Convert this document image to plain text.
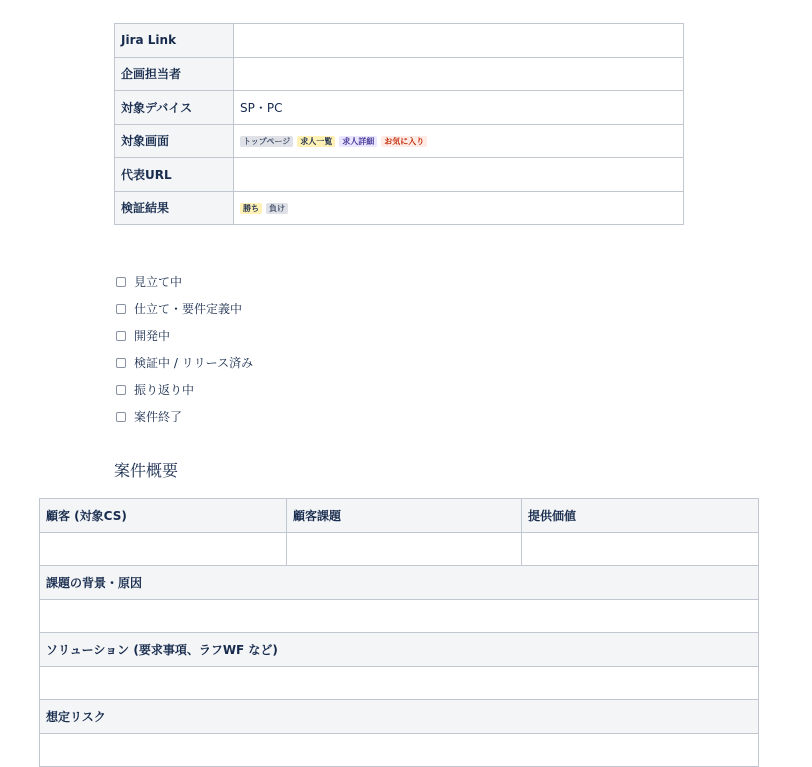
Jira Link	
企画担当者	
対象デバイス	SP・PC
対象画面	トップページ 求人一覧 求人詳細 お気に入り
代表URL	
検証結果	勝ち 負け
見立て中
仕立て・要件定義中
開発中
検証中 / リリース済み
振り返り中
案件終了
案件概要
顧客 (対象CS)	顧客課題	提供価値

課題の背景・原因		

ソリューション (要求事項、ラフWF など)		

想定リスク		
